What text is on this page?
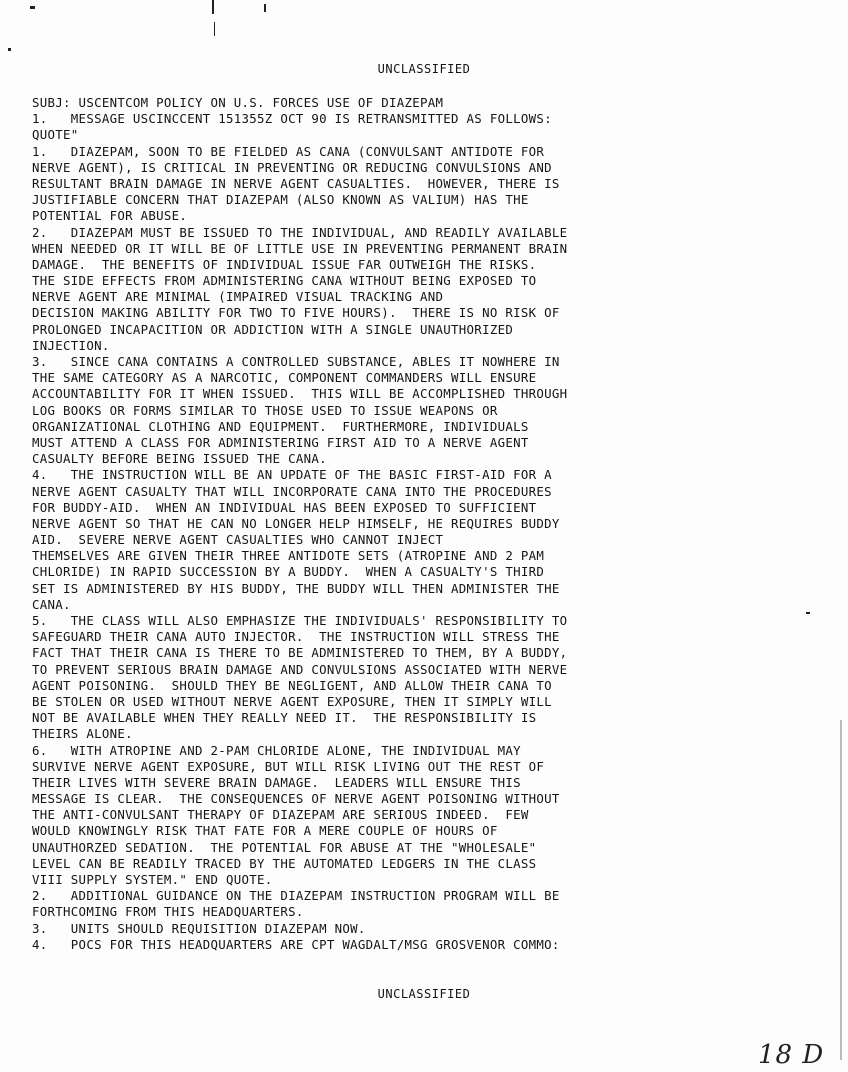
UNCLASSIFIED
SUBJ: USCENTCOM POLICY ON U.S. FORCES USE OF DIAZEPAM
1.   MESSAGE USCINCCENT 151355Z OCT 90 IS RETRANSMITTED AS FOLLOWS:
QUOTE"
1.   DIAZEPAM, SOON TO BE FIELDED AS CANA (CONVULSANT ANTIDOTE FOR
NERVE AGENT), IS CRITICAL IN PREVENTING OR REDUCING CONVULSIONS AND
RESULTANT BRAIN DAMAGE IN NERVE AGENT CASUALTIES.  HOWEVER, THERE IS
JUSTIFIABLE CONCERN THAT DIAZEPAM (ALSO KNOWN AS VALIUM) HAS THE
POTENTIAL FOR ABUSE.
2.   DIAZEPAM MUST BE ISSUED TO THE INDIVIDUAL, AND READILY AVAILABLE
WHEN NEEDED OR IT WILL BE OF LITTLE USE IN PREVENTING PERMANENT BRAIN
DAMAGE.  THE BENEFITS OF INDIVIDUAL ISSUE FAR OUTWEIGH THE RISKS.
THE SIDE EFFECTS FROM ADMINISTERING CANA WITHOUT BEING EXPOSED TO
NERVE AGENT ARE MINIMAL (IMPAIRED VISUAL TRACKING AND
DECISION MAKING ABILITY FOR TWO TO FIVE HOURS).  THERE IS NO RISK OF
PROLONGED INCAPACITION OR ADDICTION WITH A SINGLE UNAUTHORIZED
INJECTION.
3.   SINCE CANA CONTAINS A CONTROLLED SUBSTANCE, ABLES IT NOWHERE IN
THE SAME CATEGORY AS A NARCOTIC, COMPONENT COMMANDERS WILL ENSURE
ACCOUNTABILITY FOR IT WHEN ISSUED.  THIS WILL BE ACCOMPLISHED THROUGH
LOG BOOKS OR FORMS SIMILAR TO THOSE USED TO ISSUE WEAPONS OR
ORGANIZATIONAL CLOTHING AND EQUIPMENT.  FURTHERMORE, INDIVIDUALS
MUST ATTEND A CLASS FOR ADMINISTERING FIRST AID TO A NERVE AGENT
CASUALTY BEFORE BEING ISSUED THE CANA.
4.   THE INSTRUCTION WILL BE AN UPDATE OF THE BASIC FIRST-AID FOR A
NERVE AGENT CASUALTY THAT WILL INCORPORATE CANA INTO THE PROCEDURES
FOR BUDDY-AID.  WHEN AN INDIVIDUAL HAS BEEN EXPOSED TO SUFFICIENT
NERVE AGENT SO THAT HE CAN NO LONGER HELP HIMSELF, HE REQUIRES BUDDY
AID.  SEVERE NERVE AGENT CASUALTIES WHO CANNOT INJECT
THEMSELVES ARE GIVEN THEIR THREE ANTIDOTE SETS (ATROPINE AND 2 PAM
CHLORIDE) IN RAPID SUCCESSION BY A BUDDY.  WHEN A CASUALTY'S THIRD
SET IS ADMINISTERED BY HIS BUDDY, THE BUDDY WILL THEN ADMINISTER THE
CANA.
5.   THE CLASS WILL ALSO EMPHASIZE THE INDIVIDUALS' RESPONSIBILITY TO
SAFEGUARD THEIR CANA AUTO INJECTOR.  THE INSTRUCTION WILL STRESS THE
FACT THAT THEIR CANA IS THERE TO BE ADMINISTERED TO THEM, BY A BUDDY,
TO PREVENT SERIOUS BRAIN DAMAGE AND CONVULSIONS ASSOCIATED WITH NERVE
AGENT POISONING.  SHOULD THEY BE NEGLIGENT, AND ALLOW THEIR CANA TO
BE STOLEN OR USED WITHOUT NERVE AGENT EXPOSURE, THEN IT SIMPLY WILL
NOT BE AVAILABLE WHEN THEY REALLY NEED IT.  THE RESPONSIBILITY IS
THEIRS ALONE.
6.   WITH ATROPINE AND 2-PAM CHLORIDE ALONE, THE INDIVIDUAL MAY
SURVIVE NERVE AGENT EXPOSURE, BUT WILL RISK LIVING OUT THE REST OF
THEIR LIVES WITH SEVERE BRAIN DAMAGE.  LEADERS WILL ENSURE THIS
MESSAGE IS CLEAR.  THE CONSEQUENCES OF NERVE AGENT POISONING WITHOUT
THE ANTI-CONVULSANT THERAPY OF DIAZEPAM ARE SERIOUS INDEED.  FEW
WOULD KNOWINGLY RISK THAT FATE FOR A MERE COUPLE OF HOURS OF
UNAUTHORZED SEDATION.  THE POTENTIAL FOR ABUSE AT THE "WHOLESALE"
LEVEL CAN BE READILY TRACED BY THE AUTOMATED LEDGERS IN THE CLASS
VIII SUPPLY SYSTEM." END QUOTE.
2.   ADDITIONAL GUIDANCE ON THE DIAZEPAM INSTRUCTION PROGRAM WILL BE
FORTHCOMING FROM THIS HEADQUARTERS.
3.   UNITS SHOULD REQUISITION DIAZEPAM NOW.
4.   POCS FOR THIS HEADQUARTERS ARE CPT WAGDALT/MSG GROSVENOR COMMO:
UNCLASSIFIED
18 D
